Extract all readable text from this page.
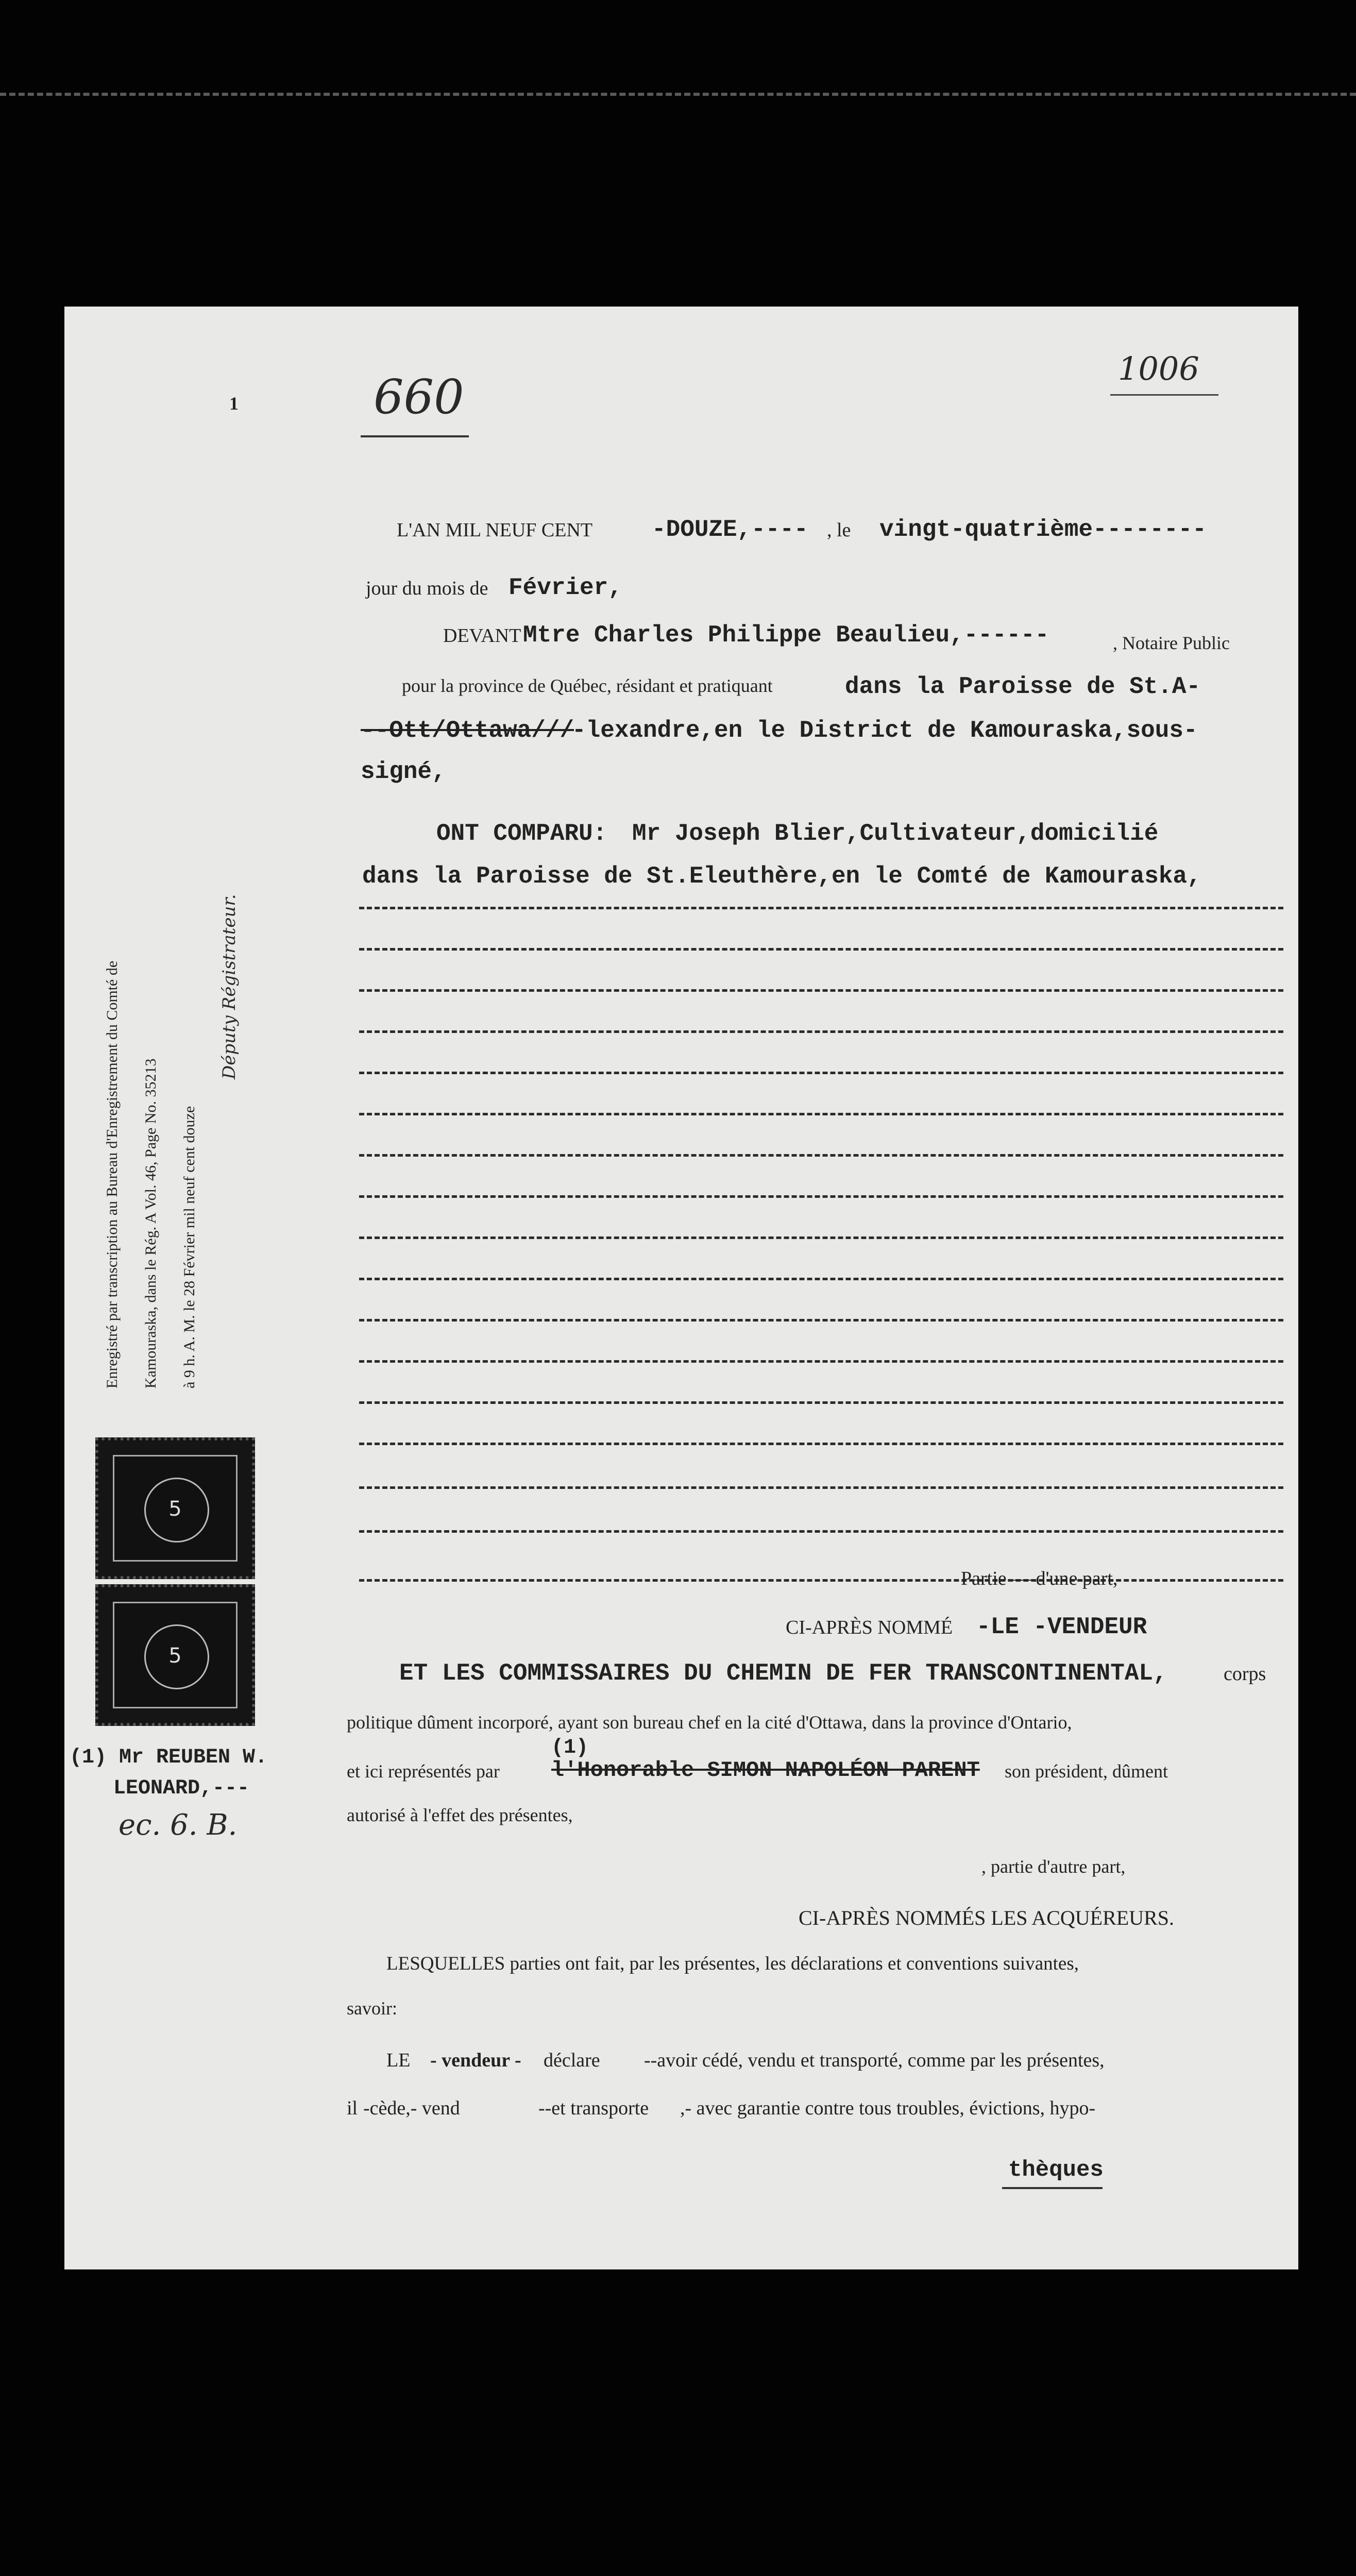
1
1006
660
Enregistré par transcription au Bureau d'Enregistrement du Comté de Kamouraska, dans le Rég. A Vol. 46, Page No. 35213 à 9 h. A. M. le 28 Février mil neuf cent douze
Députy Régistrateur.
5
5
(1) Mr REUBEN W.
LEONARD,---
ec. 6. B.
L'AN MIL NEUF CENT -DOUZE,---- , le vingt-quatrième--------
jour du mois de Février,
DEVANT Mtre Charles Philippe Beaulieu,------	, Notaire Public
pour la province de Québec, résidant et pratiquant	dans la Paroisse de St.A-
--Ott/Ottawa///
-lexandre,en le District de Kamouraska,sous-
signé,
ONT COMPARU: Mr Joseph Blier,Cultivateur,domicilié
dans la Paroisse de St.Eleuthère,en le Comté de Kamouraska,
Partie — d'une part,
CI-APRÈS NOMMÉ -LE -VENDEUR
ET LES COMMISSAIRES DU CHEMIN DE FER TRANSCONTINENTAL,	corps
politique dûment incorporé, ayant son bureau chef en la cité d'Ottawa, dans la province d'Ontario,
(1)
et ici représentés par l'Honorable SIMON NAPOLÉON PARENT son président, dûment
autorisé à l'effet des présentes,
, partie d'autre part,
CI-APRÈS NOMMÉS LES ACQUÉREURS.
LESQUELLES parties ont fait, par les présentes, les déclarations et conventions suivantes,
savoir:
LE - vendeur - déclare --avoir cédé, vendu et transporté, comme par les présentes,
il -cède,- vend	--et transporte ,- avec garantie contre tous troubles, évictions, hypo-
thèques
